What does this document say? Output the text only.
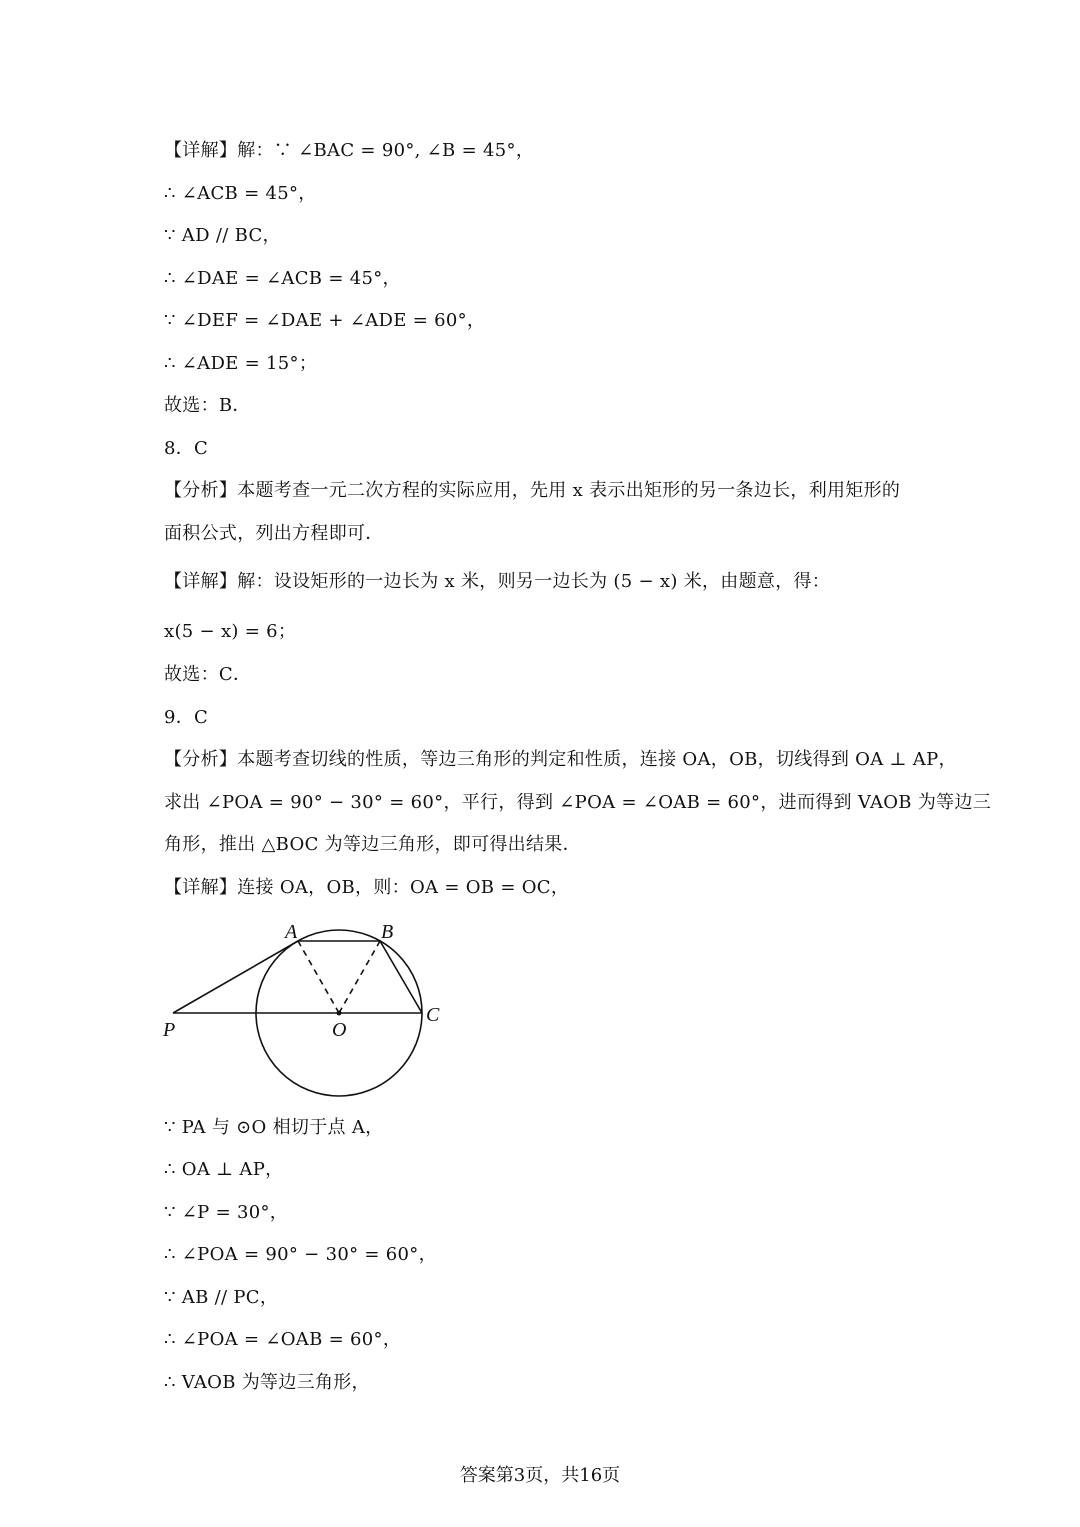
【详解】解：∵ ∠BAC = 90°, ∠B = 45°，
∴ ∠ACB = 45°，
∵ AD // BC，
∴ ∠DAE = ∠ACB = 45°，
∵ ∠DEF = ∠DAE + ∠ADE = 60°，
∴ ∠ADE = 15°；
故选：B．
8．C
【分析】本题考查一元二次方程的实际应用，先用 x 表示出矩形的另一条边长，利用矩形的
面积公式，列出方程即可．
【详解】解：设设矩形的一边长为 x 米，则另一边长为 (5 − x) 米，由题意，得：
x(5 − x) = 6；
故选：C．
9．C
【分析】本题考查切线的性质，等边三角形的判定和性质，连接 OA，OB，切线得到 OA ⊥ AP，
求出 ∠POA = 90° − 30° = 60°，平行，得到 ∠POA = ∠OAB = 60°，进而得到 VAOB 为等边三
角形，推出 △BOC 为等边三角形，即可得出结果．
【详解】连接 OA，OB，则：OA = OB = OC，
∵ PA 与 ⊙O 相切于点 A，
∴ OA ⊥ AP，
∵ ∠P = 30°，
∴ ∠POA = 90° − 30° = 60°，
∵ AB // PC，
∴ ∠POA = ∠OAB = 60°，
∴ VAOB 为等边三角形，
A	B
C
O
P
答案第3页，共16页
